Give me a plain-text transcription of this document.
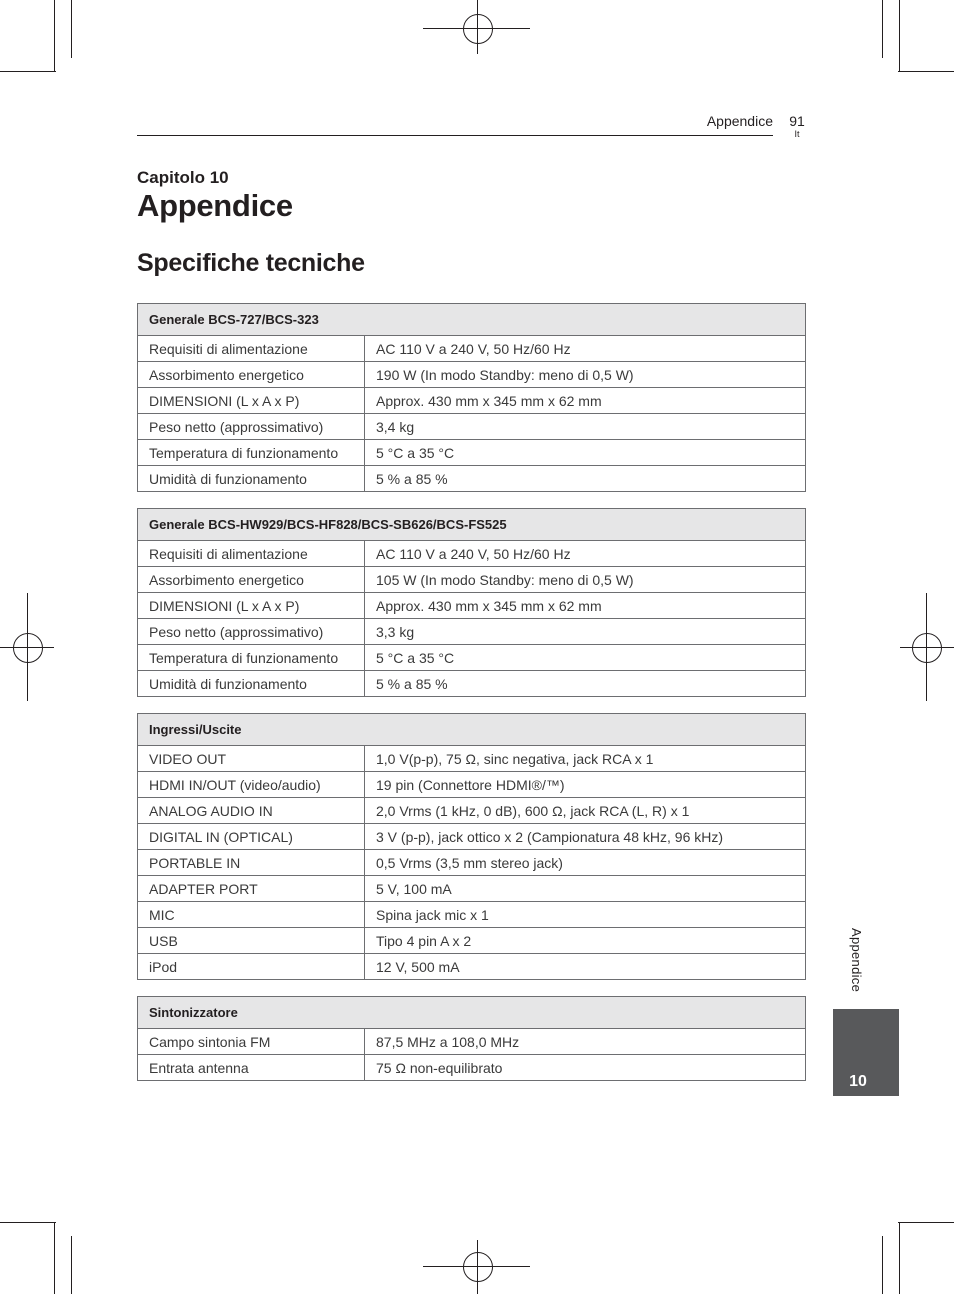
Appendice 91
It
Capitolo 10
Appendice
Specifiche tecniche
Generale BCS-727/BCS-323	
Requisiti di alimentazione	AC 110 V a 240 V, 50 Hz/60 Hz
Assorbimento energetico	190 W (In modo Standby: meno di 0,5 W)
DIMENSIONI (L x A x P)	Approx. 430 mm x 345 mm x 62 mm
Peso netto (approssimativo)	3,4 kg
Temperatura di funzionamento	5 °C a 35 °C
Umidità di funzionamento	5 % a 85 %
Generale BCS-HW929/BCS-HF828/BCS-SB626/BCS-FS525	
Requisiti di alimentazione	AC 110 V a 240 V, 50 Hz/60 Hz
Assorbimento energetico	105 W (In modo Standby: meno di 0,5 W)
DIMENSIONI (L x A x P)	Approx. 430 mm x 345 mm x 62 mm
Peso netto (approssimativo)	3,3 kg
Temperatura di funzionamento	5 °C a 35 °C
Umidità di funzionamento	5 % a 85 %
Ingressi/Uscite	
VIDEO OUT	1,0 V(p-p), 75 Ω, sinc negativa, jack RCA x 1
HDMI IN/OUT (video/audio)	19 pin (Connettore HDMI®/™)
ANALOG AUDIO IN	2,0 Vrms (1 kHz, 0 dB), 600 Ω, jack RCA (L, R) x 1
DIGITAL IN (OPTICAL)	3 V (p-p), jack ottico x 2 (Campionatura 48 kHz, 96 kHz)
PORTABLE IN	0,5 Vrms (3,5 mm stereo jack)
ADAPTER PORT	5 V, 100 mA
MIC	Spina jack mic x 1
USB	Tipo 4 pin A x 2
iPod	12 V, 500 mA
Sintonizzatore	
Campo sintonia FM	87,5 MHz a 108,0 MHz
Entrata antenna	75 Ω non-equilibrato
Appendice
10
